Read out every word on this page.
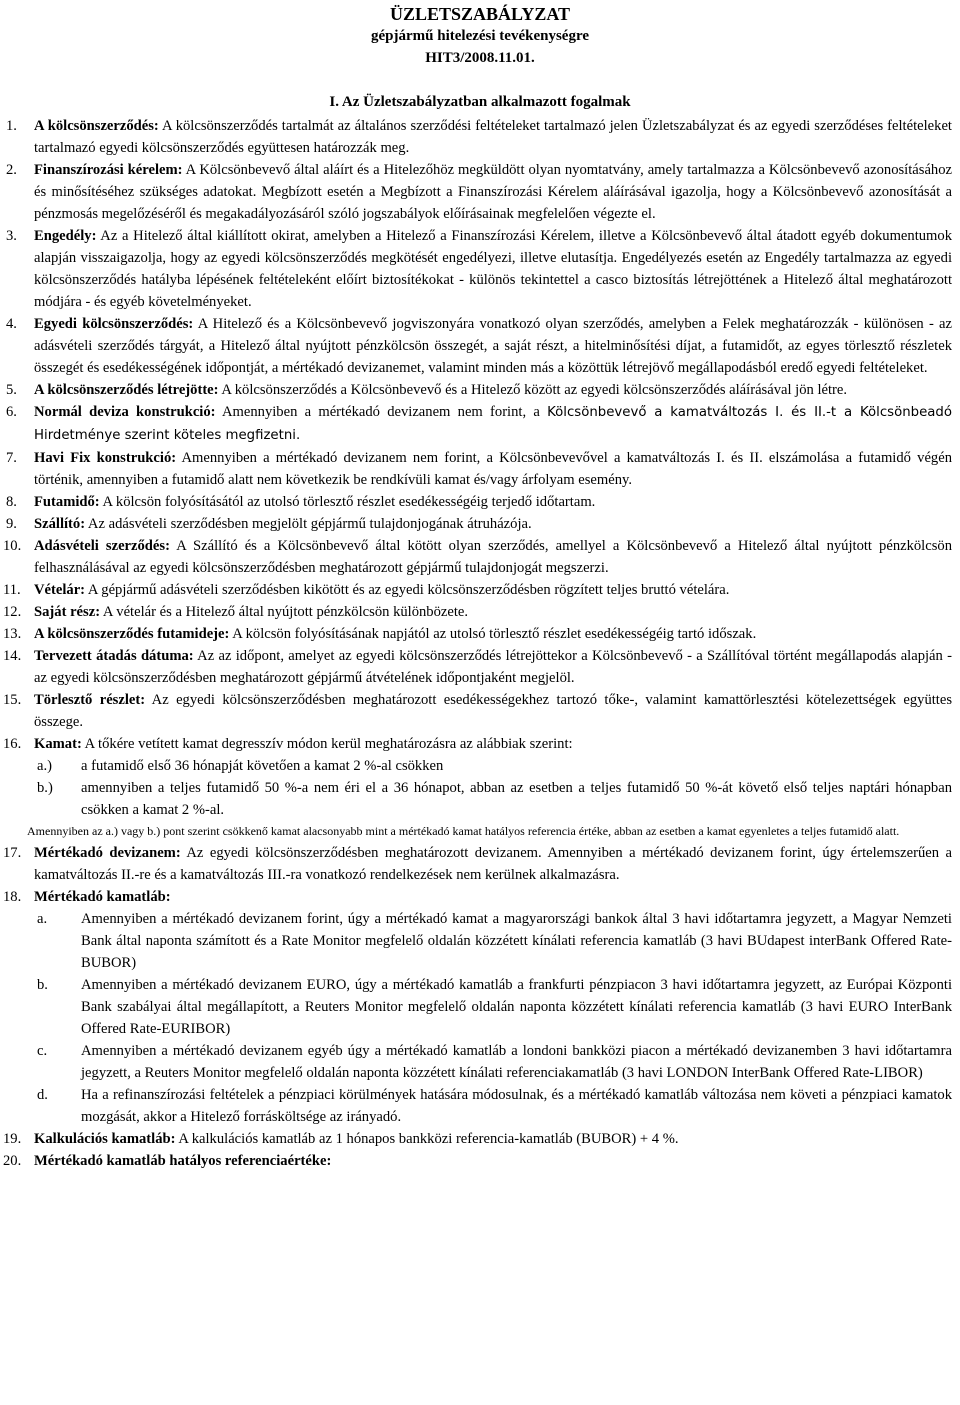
ÜZLETSZABÁLYZAT
gépjármű hitelezési tevékenységre
HIT3/2008.11.01.
I. Az Üzletszabályzatban alkalmazott fogalmak
1. A kölcsönszerződés: A kölcsönszerződés tartalmát az általános szerződési feltételeket tartalmazó jelen Üzletszabályzat és az egyedi szerződéses feltételeket tartalmazó egyedi kölcsönszerződés együttesen határozzák meg.
2. Finanszírozási kérelem: A Kölcsönbevevő által aláírt és a Hitelezőhöz megküldött olyan nyomtatvány, amely tartalmazza a Kölcsönbevevő azonosításához és minősítéséhez szükséges adatokat. Megbízott esetén a Megbízott a Finanszírozási Kérelem aláírásával igazolja, hogy a Kölcsönbevevő azonosítását a pénzmosás megelőzéséről és megakadályozásáról szóló jogszabályok előírásainak megfelelően végezte el.
3. Engedély: Az a Hitelező által kiállított okirat, amelyben a Hitelező a Finanszírozási Kérelem, illetve a Kölcsönbevevő által átadott egyéb dokumentumok alapján visszaigazolja, hogy az egyedi kölcsönszerződés megkötését engedélyezi, illetve elutasítja. Engedélyezés esetén az Engedély tartalmazza az egyedi kölcsönszerződés hatályba lépésének feltételeként előírt biztosítékokat - különös tekintettel a casco biztosítás létrejöttének a Hitelező által meghatározott módjára - és egyéb követelményeket.
4. Egyedi kölcsönszerződés: A Hitelező és a Kölcsönbevevő jogviszonyára vonatkozó olyan szerződés, amelyben a Felek meghatározzák - különösen - az adásvételi szerződés tárgyát, a Hitelező által nyújtott pénzkölcsön összegét, a saját részt, a hitelminősítési díjat, a futamidőt, az egyes törlesztő részletek összegét és esedékességének időpontját, a mértékadó devizanemet, valamint minden más a közöttük létrejövő megállapodásból eredő egyedi feltételeket.
5. A kölcsönszerződés létrejötte: A kölcsönszerződés a Kölcsönbevevő és a Hitelező között az egyedi kölcsönszerződés aláírásával jön létre.
6. Normál deviza konstrukció: Amennyiben a mértékadó devizanem nem forint, a Kölcsönbevevő a kamatváltozás I. és II.-t a Kölcsönbeadó Hirdetménye szerint köteles megfizetni.
7. Havi Fix konstrukció: Amennyiben a mértékadó devizanem nem forint, a Kölcsönbevevővel a kamatváltozás I. és II. elszámolása a futamidő végén történik, amennyiben a futamidő alatt nem következik be rendkívüli kamat és/vagy árfolyam esemény.
8. Futamidő: A kölcsön folyósításától az utolsó törlesztő részlet esedékességéig terjedő időtartam.
9. Szállító: Az adásvételi szerződésben megjelölt gépjármű tulajdonjogának átruházója.
10. Adásvételi szerződés: A Szállító és a Kölcsönbevevő által kötött olyan szerződés, amellyel a Kölcsönbevevő a Hitelező által nyújtott pénzkölcsön felhasználásával az egyedi kölcsönszerződésben meghatározott gépjármű tulajdonjogát megszerzi.
11. Vételár: A gépjármű adásvételi szerződésben kikötött és az egyedi kölcsönszerződésben rögzített teljes bruttó vételára.
12. Saját rész: A vételár és a Hitelező által nyújtott pénzkölcsön különbözete.
13. A kölcsönszerződés futamideje: A kölcsön folyósításának napjától az utolsó törlesztő részlet esedékességéig tartó időszak.
14. Tervezett átadás dátuma: Az az időpont, amelyet az egyedi kölcsönszerződés létrejöttekor a Kölcsönbevevő - a Szállítóval történt megállapodás alapján - az egyedi kölcsönszerződésben meghatározott gépjármű átvételének időpontjaként megjelöl.
15. Törlesztő részlet: Az egyedi kölcsönszerződésben meghatározott esedékességekhez tartozó tőke-, valamint kamattörlesztési kötelezettségek együttes összege.
16. Kamat: A tőkére vetített kamat degresszív módon kerül meghatározásra az alábbiak szerint:
a.) a futamidő első 36 hónapját követően a kamat 2 %-al csökken
b.) amennyiben a teljes futamidő 50 %-a nem éri el a 36 hónapot, abban az esetben a teljes futamidő 50 %-át követő első teljes naptári hónapban csökken a kamat 2 %-al.
Amennyiben az a.) vagy b.) pont szerint csökkenő kamat alacsonyabb mint a mértékadó kamat hatályos referencia értéke, abban az esetben a kamat egyenletes a teljes futamidő alatt.
17. Mértékadó devizanem: Az egyedi kölcsönszerződésben meghatározott devizanem. Amennyiben a mértékadó devizanem forint, úgy értelemszerűen a kamatváltozás II.-re és a kamatváltozás III.-ra vonatkozó rendelkezések nem kerülnek alkalmazásra.
18. Mértékadó kamatláb:
a. Amennyiben a mértékadó devizanem forint, úgy a mértékadó kamat a magyarországi bankok által 3 havi időtartamra jegyzett, a Magyar Nemzeti Bank által naponta számított és a Rate Monitor megfelelő oldalán közzétett kínálati referencia kamatláb (3 havi BUdapest interBank Offered Rate-BUBOR)
b. Amennyiben a mértékadó devizanem EURO, úgy a mértékadó kamatláb a frankfurti pénzpiacon 3 havi időtartamra jegyzett, az Európai Központi Bank szabályai által megállapított, a Reuters Monitor megfelelő oldalán naponta közzétett kínálati referencia kamatláb (3 havi EURO InterBank Offered Rate-EURIBOR)
c. Amennyiben a mértékadó devizanem egyéb úgy a mértékadó kamatláb a londoni bankközi piacon a mértékadó devizanemben 3 havi időtartamra jegyzett, a Reuters Monitor megfelelő oldalán naponta közzétett kínálati referenciakamatláb (3 havi LONDON InterBank Offered Rate-LIBOR)
d. Ha a refinanszírozási feltételek a pénzpiaci körülmények hatására módosulnak, és a mértékadó kamatláb változása nem követi a pénzpiaci kamatok mozgását, akkor a Hitelező forrásköltsége az irányadó.
19. Kalkulációs kamatláb: A kalkulációs kamatláb az 1 hónapos bankközi referencia-kamatláb (BUBOR) + 4 %.
20. Mértékadó kamatláb hatályos referenciaértéke:
